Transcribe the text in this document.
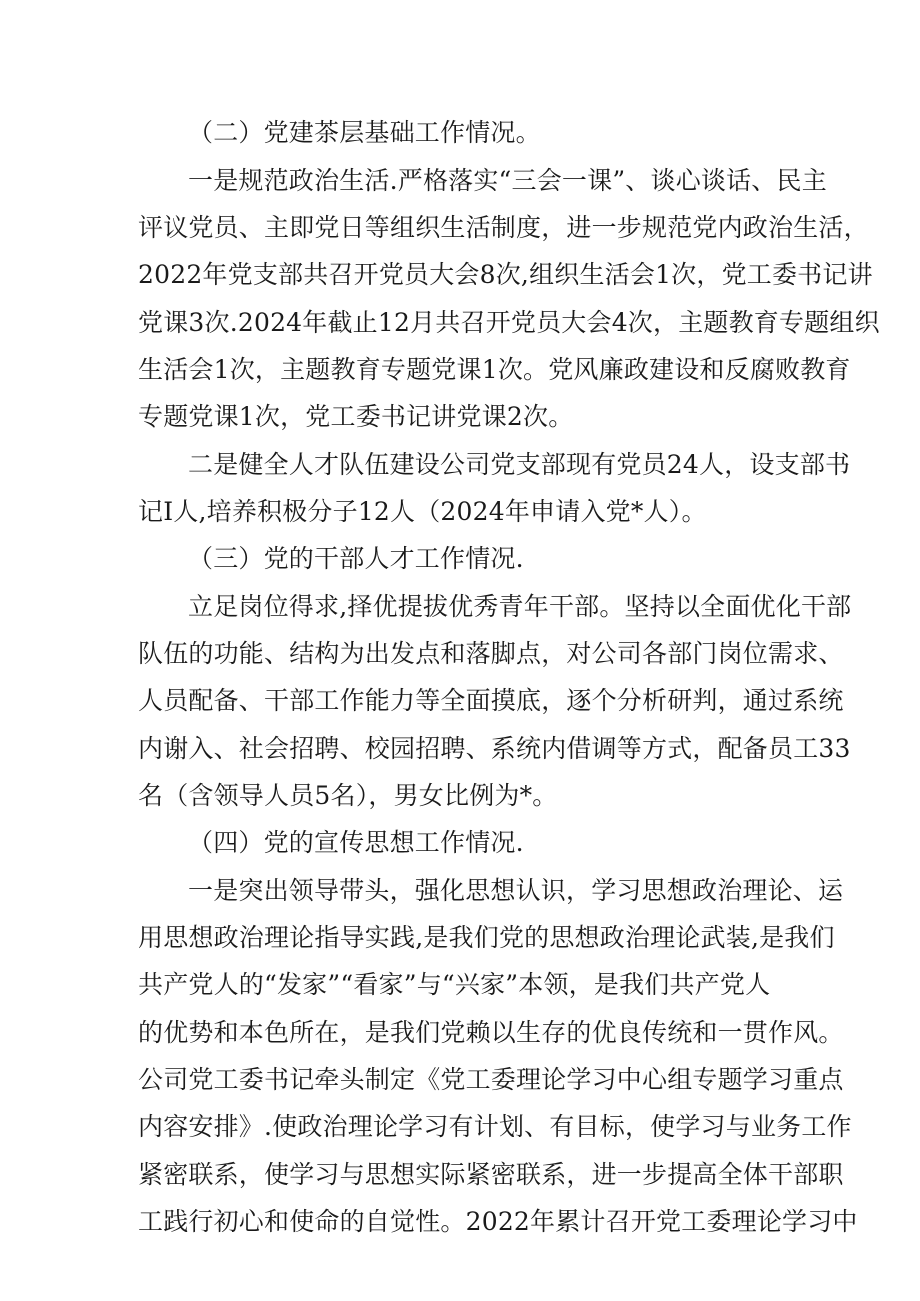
（二）党建茶层基础工作情况。
一是规范政治生活.严格落实“三会一课”、谈心谈话、民主
评议党员、主即党日等组织生活制度，进一步规范党内政治生活，
2022年党支部共召开党员大会8次,组织生活会1次，党工委书记讲
党课3次.2024年截止12月共召开党员大会4次，主题教育专题组织
生活会1次，主题教育专题党课1次。党风廉政建设和反腐败教育
专题党课1次，党工委书记讲党课2次。
二是健全人才队伍建设公司党支部现有党员24人，设支部书
记I人,培养积极分子12人（2024年申请入党*人）。
（三）党的干部人才工作情况.
立足岗位得求,择优提拔优秀青年干部。坚持以全面优化干部
队伍的功能、结构为出发点和落脚点，对公司各部门岗位需求、
人员配备、干部工作能力等全面摸底，逐个分析研判，通过系统
内谢入、社会招聘、校园招聘、系统内借调等方式，配备员工33
名（含领导人员5名），男女比例为*。
（四）党的宣传思想工作情况.
一是突出领导带头，强化思想认识，学习思想政治理论、运
用思想政治理论指导实践,是我们党的思想政治理论武装,是我们
共产党人的“发家”“看家”与“兴家”本领，是我们共产党人
的优势和本色所在，是我们党赖以生存的优良传统和一贯作风。
公司党工委书记牵头制定《党工委理论学习中心组专题学习重点
内容安排》.使政治理论学习有计划、有目标，使学习与业务工作
紧密联系，使学习与思想实际紧密联系，进一步提高全体干部职
工践行初心和使命的自觉性。2022年累计召开党工委理论学习中
